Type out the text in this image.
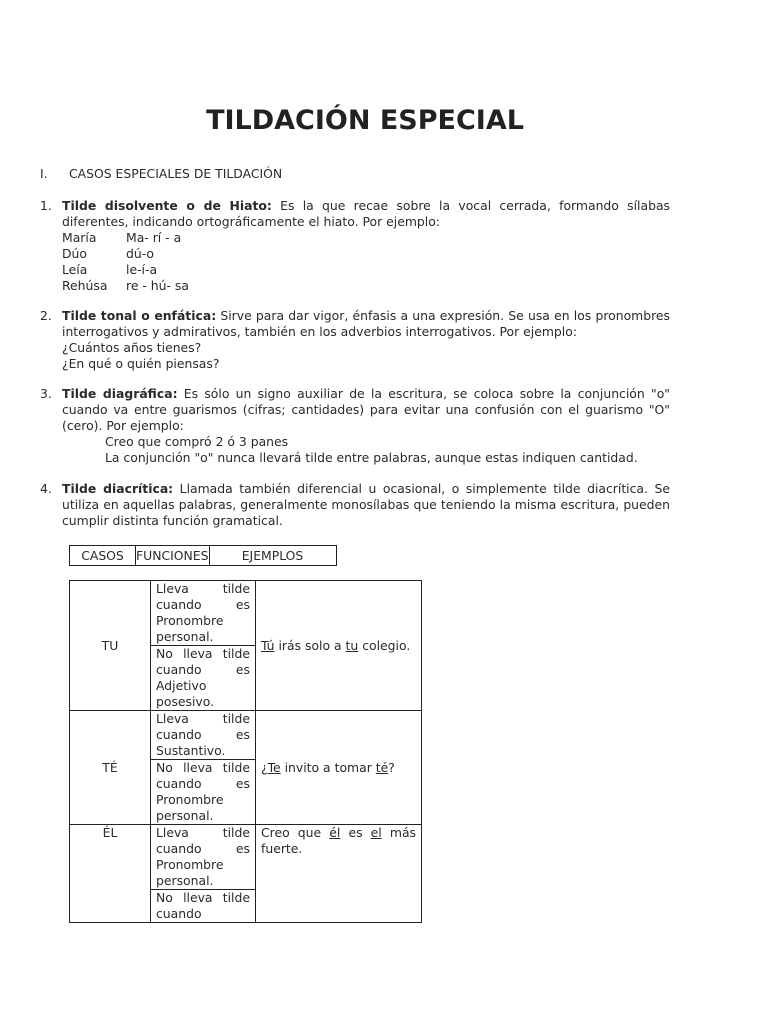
TILDACIÓN ESPECIAL

I. CASOS ESPECIALES DE TILDACIÓN

1. Tilde disolvente o de Hiato: Es la que recae sobre la vocal cerrada, formando sílabas diferentes, indicando ortográficamente el hiato. Por ejemplo:

María	Ma- rí - a
Dúo	dú-o
Leía	le-í-a
Rehúsa	re - hú- sa
2. Tilde tonal o enfática: Sirve para dar vigor, énfasis a una expresión. Se usa en los pronombres interrogativos y admirativos, también en los adverbios interrogativos. Por ejemplo:

¿Cuántos años tienes?

¿En qué o quién piensas?

3. Tilde diagráfica: Es sólo un signo auxiliar de la escritura, se coloca sobre la conjunción "o" cuando va entre guarismos (cifras; cantidades) para evitar una confusión con el guarismo "O" (cero). Por ejemplo:

Creo que compró 2 ó 3 panes

La conjunción "o" nunca llevará tilde entre palabras, aunque estas indiquen cantidad.

4. Tilde diacrítica: Llamada también diferencial u ocasional, o simplemente tilde diacrítica. Se utiliza en aquellas palabras, generalmente monosílabas que teniendo la misma escritura, pueden cumplir distinta función gramatical.

CASOS	FUNCIONES	EJEMPLOS
TU	Lleva tilde cuando es Pronombre personal.	Tú irás solo a tu colegio.
	No lleva tilde cuando es Adjetivo posesivo.	
TÉ	Lleva tilde cuando es Sustantivo.	¿Te invito a tomar té?
	No lleva tilde cuando es Pronombre personal.	
ÉL	Lleva tilde cuando es Pronombre personal.	Creo que él es el más fuerte.
	No lleva tilde cuando	
